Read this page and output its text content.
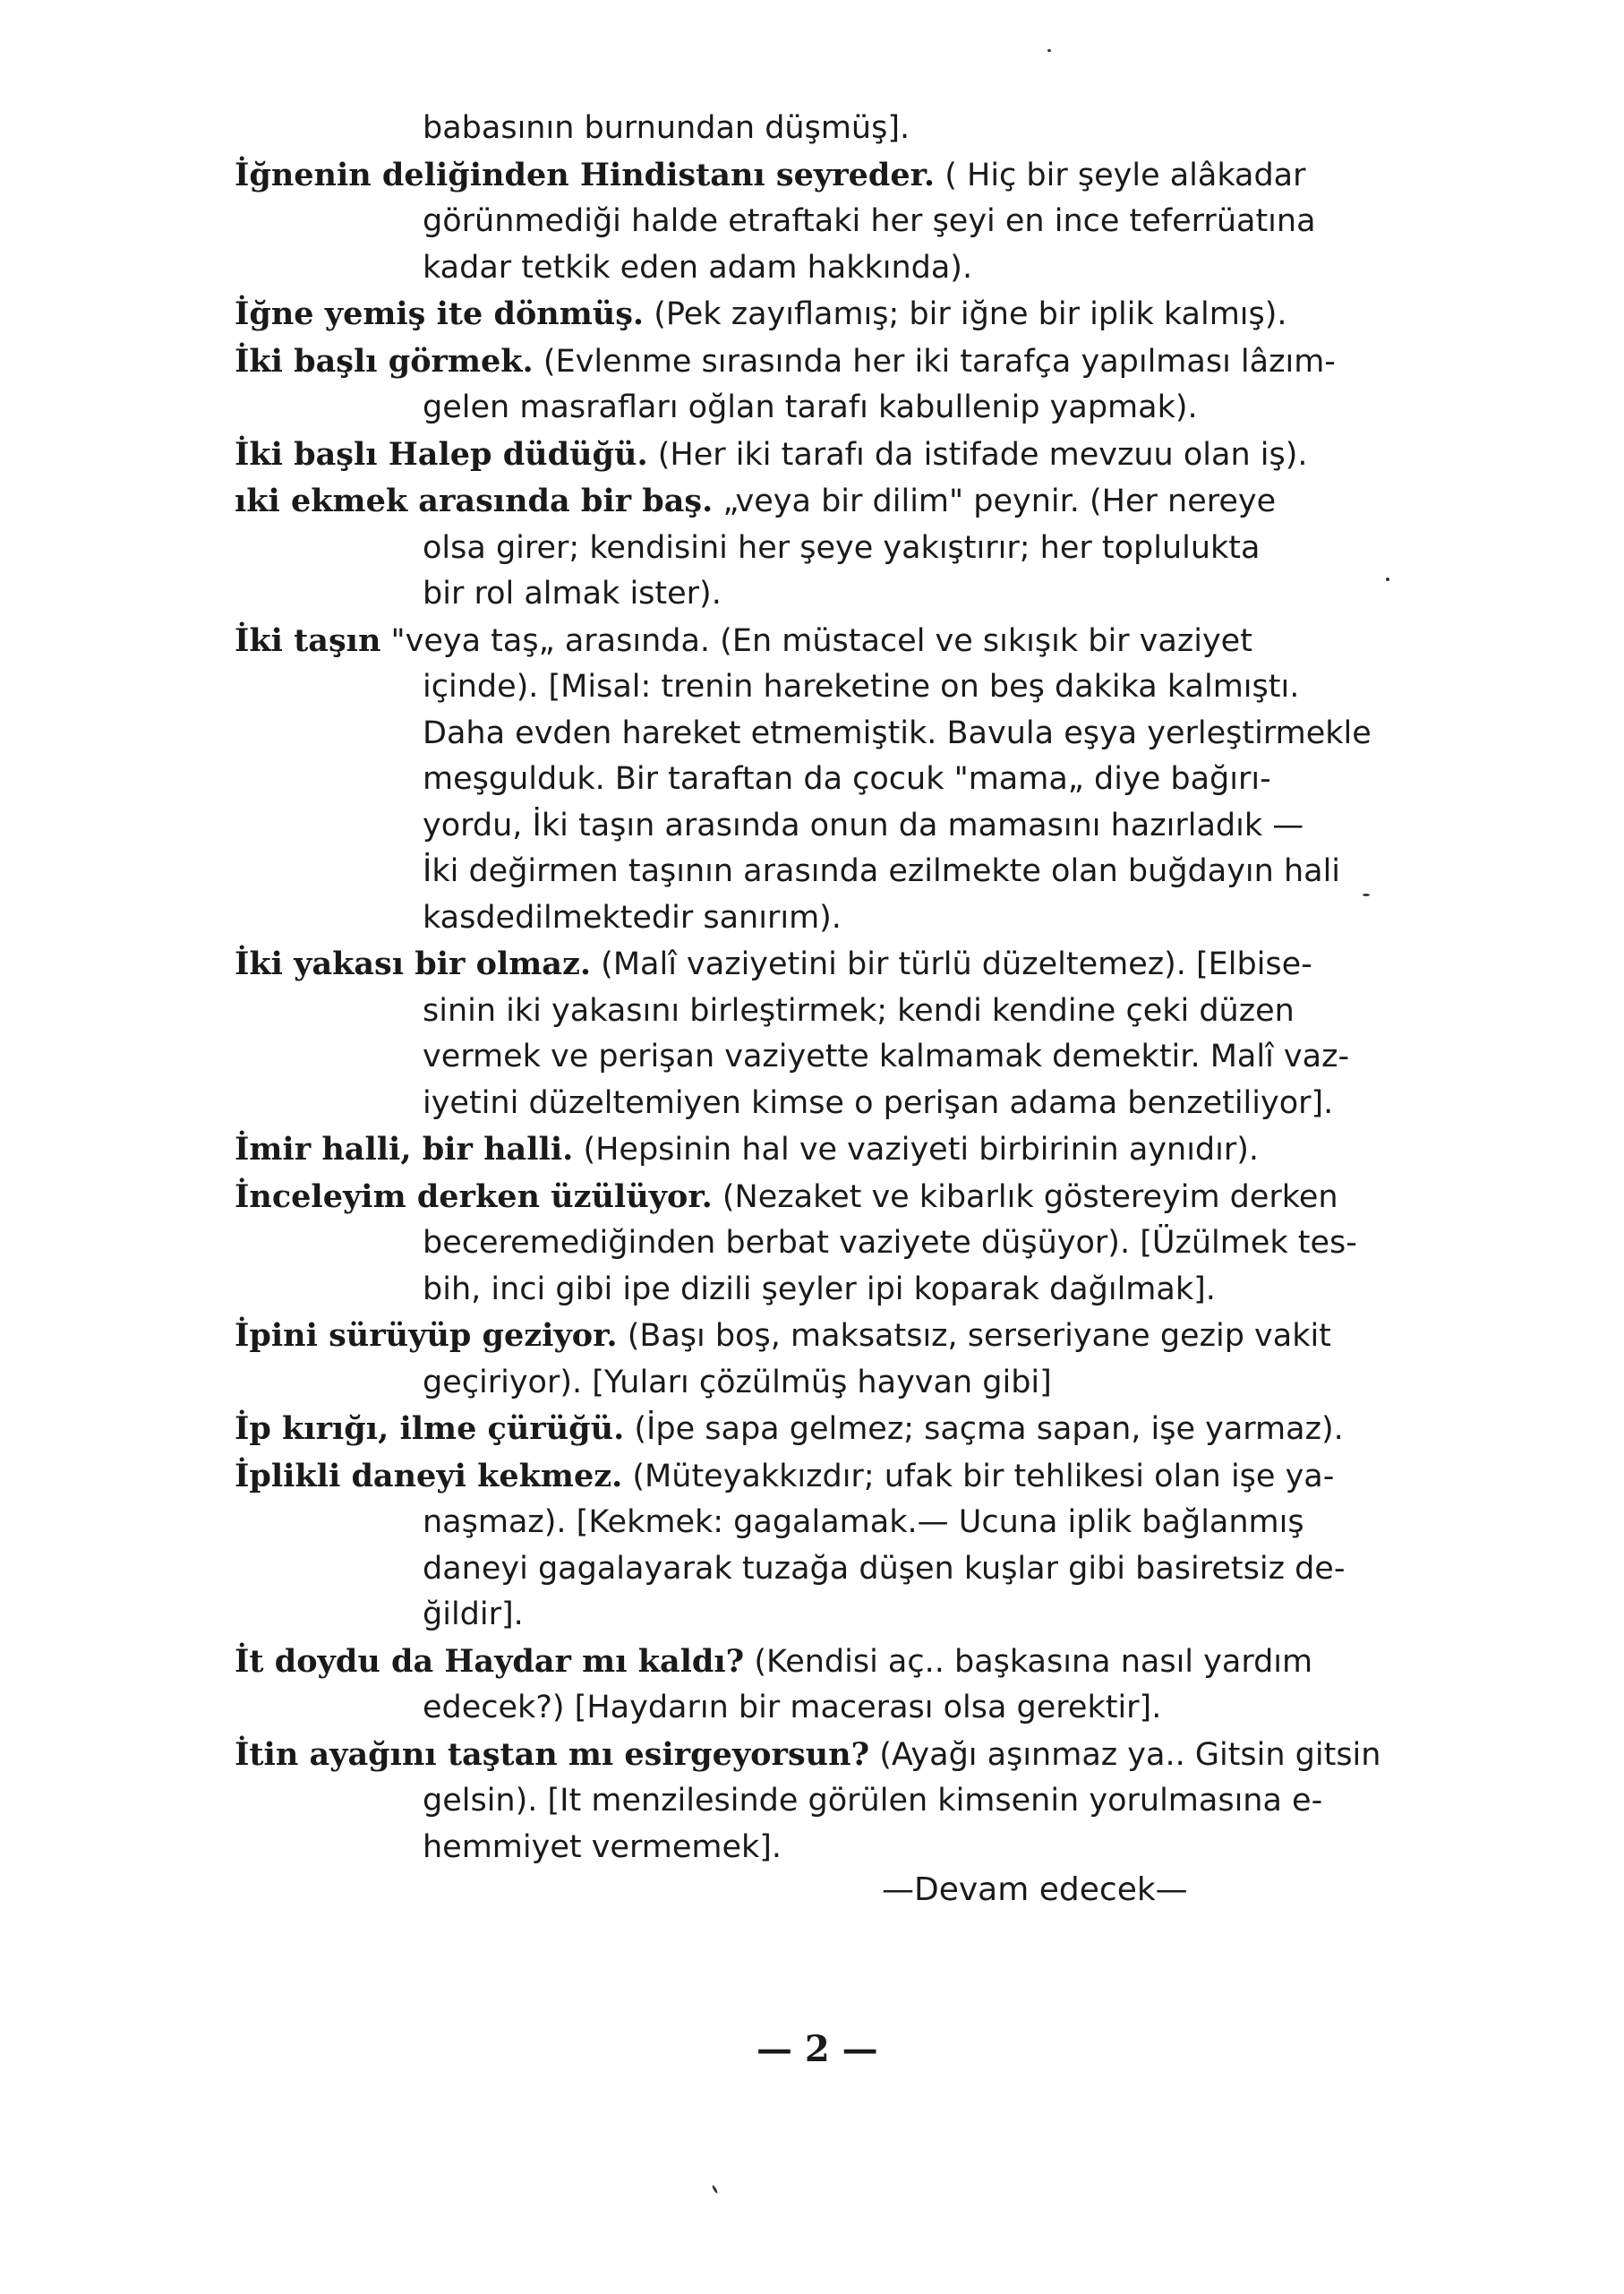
babasının burnundan düşmüş].
İğnenin deliğinden Hindistanı seyreder. ( Hiç bir şeyle alâkadar
görünmediği halde etraftaki her şeyi en ince teferrüatına
kadar tetkik eden adam hakkında).
İğne yemiş ite dönmüş. (Pek zayıflamış; bir iğne bir iplik kalmış).
İki başlı görmek. (Evlenme sırasında her iki tarafça yapılması lâzım-
gelen masrafları oğlan tarafı kabullenip yapmak).
İki başlı Halep düdüğü. (Her iki tarafı da istifade mevzuu olan iş).
ıki ekmek arasında bir baş. „veya bir dilim" peynir. (Her nereye
olsa girer; kendisini her şeye yakıştırır; her toplulukta
bir rol almak ister).
İki taşın "veya taş„ arasında. (En müstacel ve sıkışık bir vaziyet
içinde). [Misal: trenin hareketine on beş dakika kalmıştı.
Daha evden hareket etmemiştik. Bavula eşya yerleştirmekle
meşgulduk. Bir taraftan da çocuk "mama„ diye bağırı-
yordu, İki taşın arasında onun da mamasını hazırladık —
İki değirmen taşının arasında ezilmekte olan buğdayın hali
kasdedilmektedir sanırım).
İki yakası bir olmaz. (Malî vaziyetini bir türlü düzeltemez). [Elbise-
sinin iki yakasını birleştirmek; kendi kendine çeki düzen
vermek ve perişan vaziyette kalmamak demektir. Malî vaz-
iyetini düzeltemiyen kimse o perişan adama benzetiliyor].
İmir halli, bir halli. (Hepsinin hal ve vaziyeti birbirinin aynıdır).
İnceleyim derken üzülüyor. (Nezaket ve kibarlık göstereyim derken
beceremediğinden berbat vaziyete düşüyor). [Üzülmek tes-
bih, inci gibi ipe dizili şeyler ipi koparak dağılmak].
İpini sürüyüp geziyor. (Başı boş, maksatsız, serseriyane gezip vakit
geçiriyor). [Yuları çözülmüş hayvan gibi]
İp kırığı, ilme çürüğü. (İpe sapa gelmez; saçma sapan, işe yarmaz).
İplikli daneyi kekmez. (Müteyakkızdır; ufak bir tehlikesi olan işe ya-
naşmaz). [Kekmek: gagalamak.— Ucuna iplik bağlanmış
daneyi gagalayarak tuzağa düşen kuşlar gibi basiretsiz de-
ğildir].
İt doydu da Haydar mı kaldı? (Kendisi aç.. başkasına nasıl yardım
edecek?) [Haydarın bir macerası olsa gerektir].
İtin ayağını taştan mı esirgeyorsun? (Ayağı aşınmaz ya.. Gitsin gitsin
gelsin). [It menzilesinde görülen kimsenin yorulmasına e-
hemmiyet vermemek].
—Devam edecek—
— 2 —
